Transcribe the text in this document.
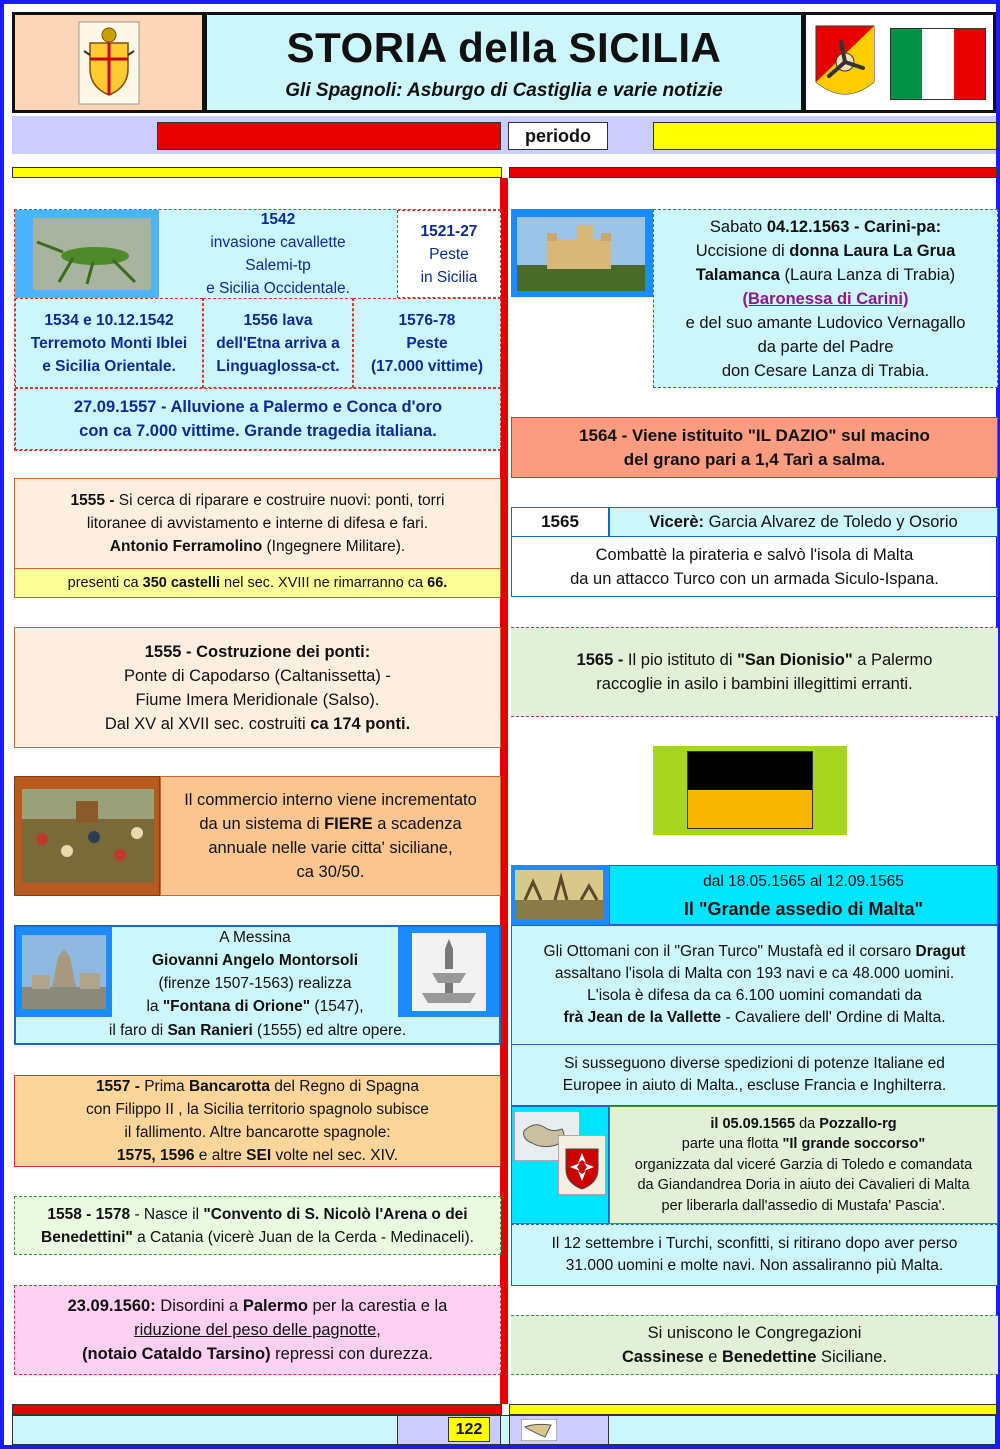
STORIA della SICILIA
Gli Spagnoli: Asburgo di Castiglia e varie notizie
periodo
1542
invasione cavallette
Salemi-tp
e Sicilia Occidentale.
1521-27
Peste
in Sicilia
1534 e 10.12.1542
Terremoto Monti Iblei
e Sicilia Orientale.
1556 lava
dell'Etna arriva a
Linguaglossa-ct.
1576-78
Peste
(17.000 vittime)
27.09.1557 - Alluvione a Palermo e Conca d'oro
con ca 7.000 vittime. Grande tragedia italiana.
1555 - Si cerca di riparare e costruire nuovi: ponti, torri
litoranee di avvistamento e interne di difesa e fari.
Antonio Ferramolino (Ingegnere Militare).
presenti ca 350 castelli nel sec. XVIII ne rimarranno ca 66.
1555 - Costruzione dei ponti:
Ponte di Capodarso (Caltanissetta) -
Fiume Imera Meridionale (Salso).
Dal XV al XVII sec. costruiti ca 174 ponti.
Il commercio interno viene incrementato
da un sistema di FIERE a scadenza
annuale nelle varie citta' siciliane,
ca 30/50.
A Messina
Giovanni Angelo Montorsoli
(firenze 1507-1563) realizza
la "Fontana di Orione" (1547),
il faro di San Ranieri (1555) ed altre opere.
1557 - Prima Bancarotta del Regno di Spagna
con Filippo II , la Sicilia territorio spagnolo subisce
il fallimento. Altre bancarotte spagnole:
1575, 1596 e altre SEI volte nel sec. XIV.
1558 - 1578 - Nasce il "Convento di S. Nicolò l'Arena o dei
Benedettini" a Catania (vicerè Juan de la Cerda - Medinaceli).
23.09.1560: Disordini a Palermo per la carestia e la
riduzione del peso delle pagnotte,
(notaio Cataldo Tarsino) repressi con durezza.
Sabato 04.12.1563 - Carini-pa:
Uccisione di donna Laura La Grua
Talamanca (Laura Lanza di Trabia)
(Baronessa di Carini)
e del suo amante Ludovico Vernagallo
da parte del Padre
don Cesare Lanza di Trabia.
1564 - Viene istituito "IL DAZIO" sul macino
del grano pari a 1,4 Tarì a salma.
1565	Vicerè: Garcia Alvarez de Toledo y Osorio
Combattè la pirateria e salvò l'isola di Malta
da un attacco Turco con un armada Siculo-Ispana.
1565 - Il pio istituto di "San Dionisio" a Palermo
raccoglie in asilo i bambini illegittimi erranti.
dal 18.05.1565 al 12.09.1565
Il "Grande assedio di Malta"
Gli Ottomani con il "Gran Turco" Mustafà ed il corsaro Dragut
assaltano l'isola di Malta con 193 navi e ca 48.000 uomini.
L'isola è difesa da ca 6.100 uomini comandati da
frà Jean de la Vallette - Cavaliere dell' Ordine di Malta.
Si susseguono diverse spedizioni di potenze Italiane ed
Europee in aiuto di Malta., escluse Francia e Inghilterra.
il 05.09.1565 da Pozzallo-rg
parte una flotta "Il grande soccorso"
organizzata dal viceré Garzia di Toledo e comandata
da Giandandrea Doria in aiuto dei Cavalieri di Malta
per liberarla dall'assedio di Mustafa' Pascia'.
Il 12 settembre i Turchi, sconfitti, si ritirano dopo aver perso
31.000 uomini e molte navi. Non assaliranno più Malta.
Si uniscono le Congregazioni
Cassinese e Benedettine Siciliane.
122
